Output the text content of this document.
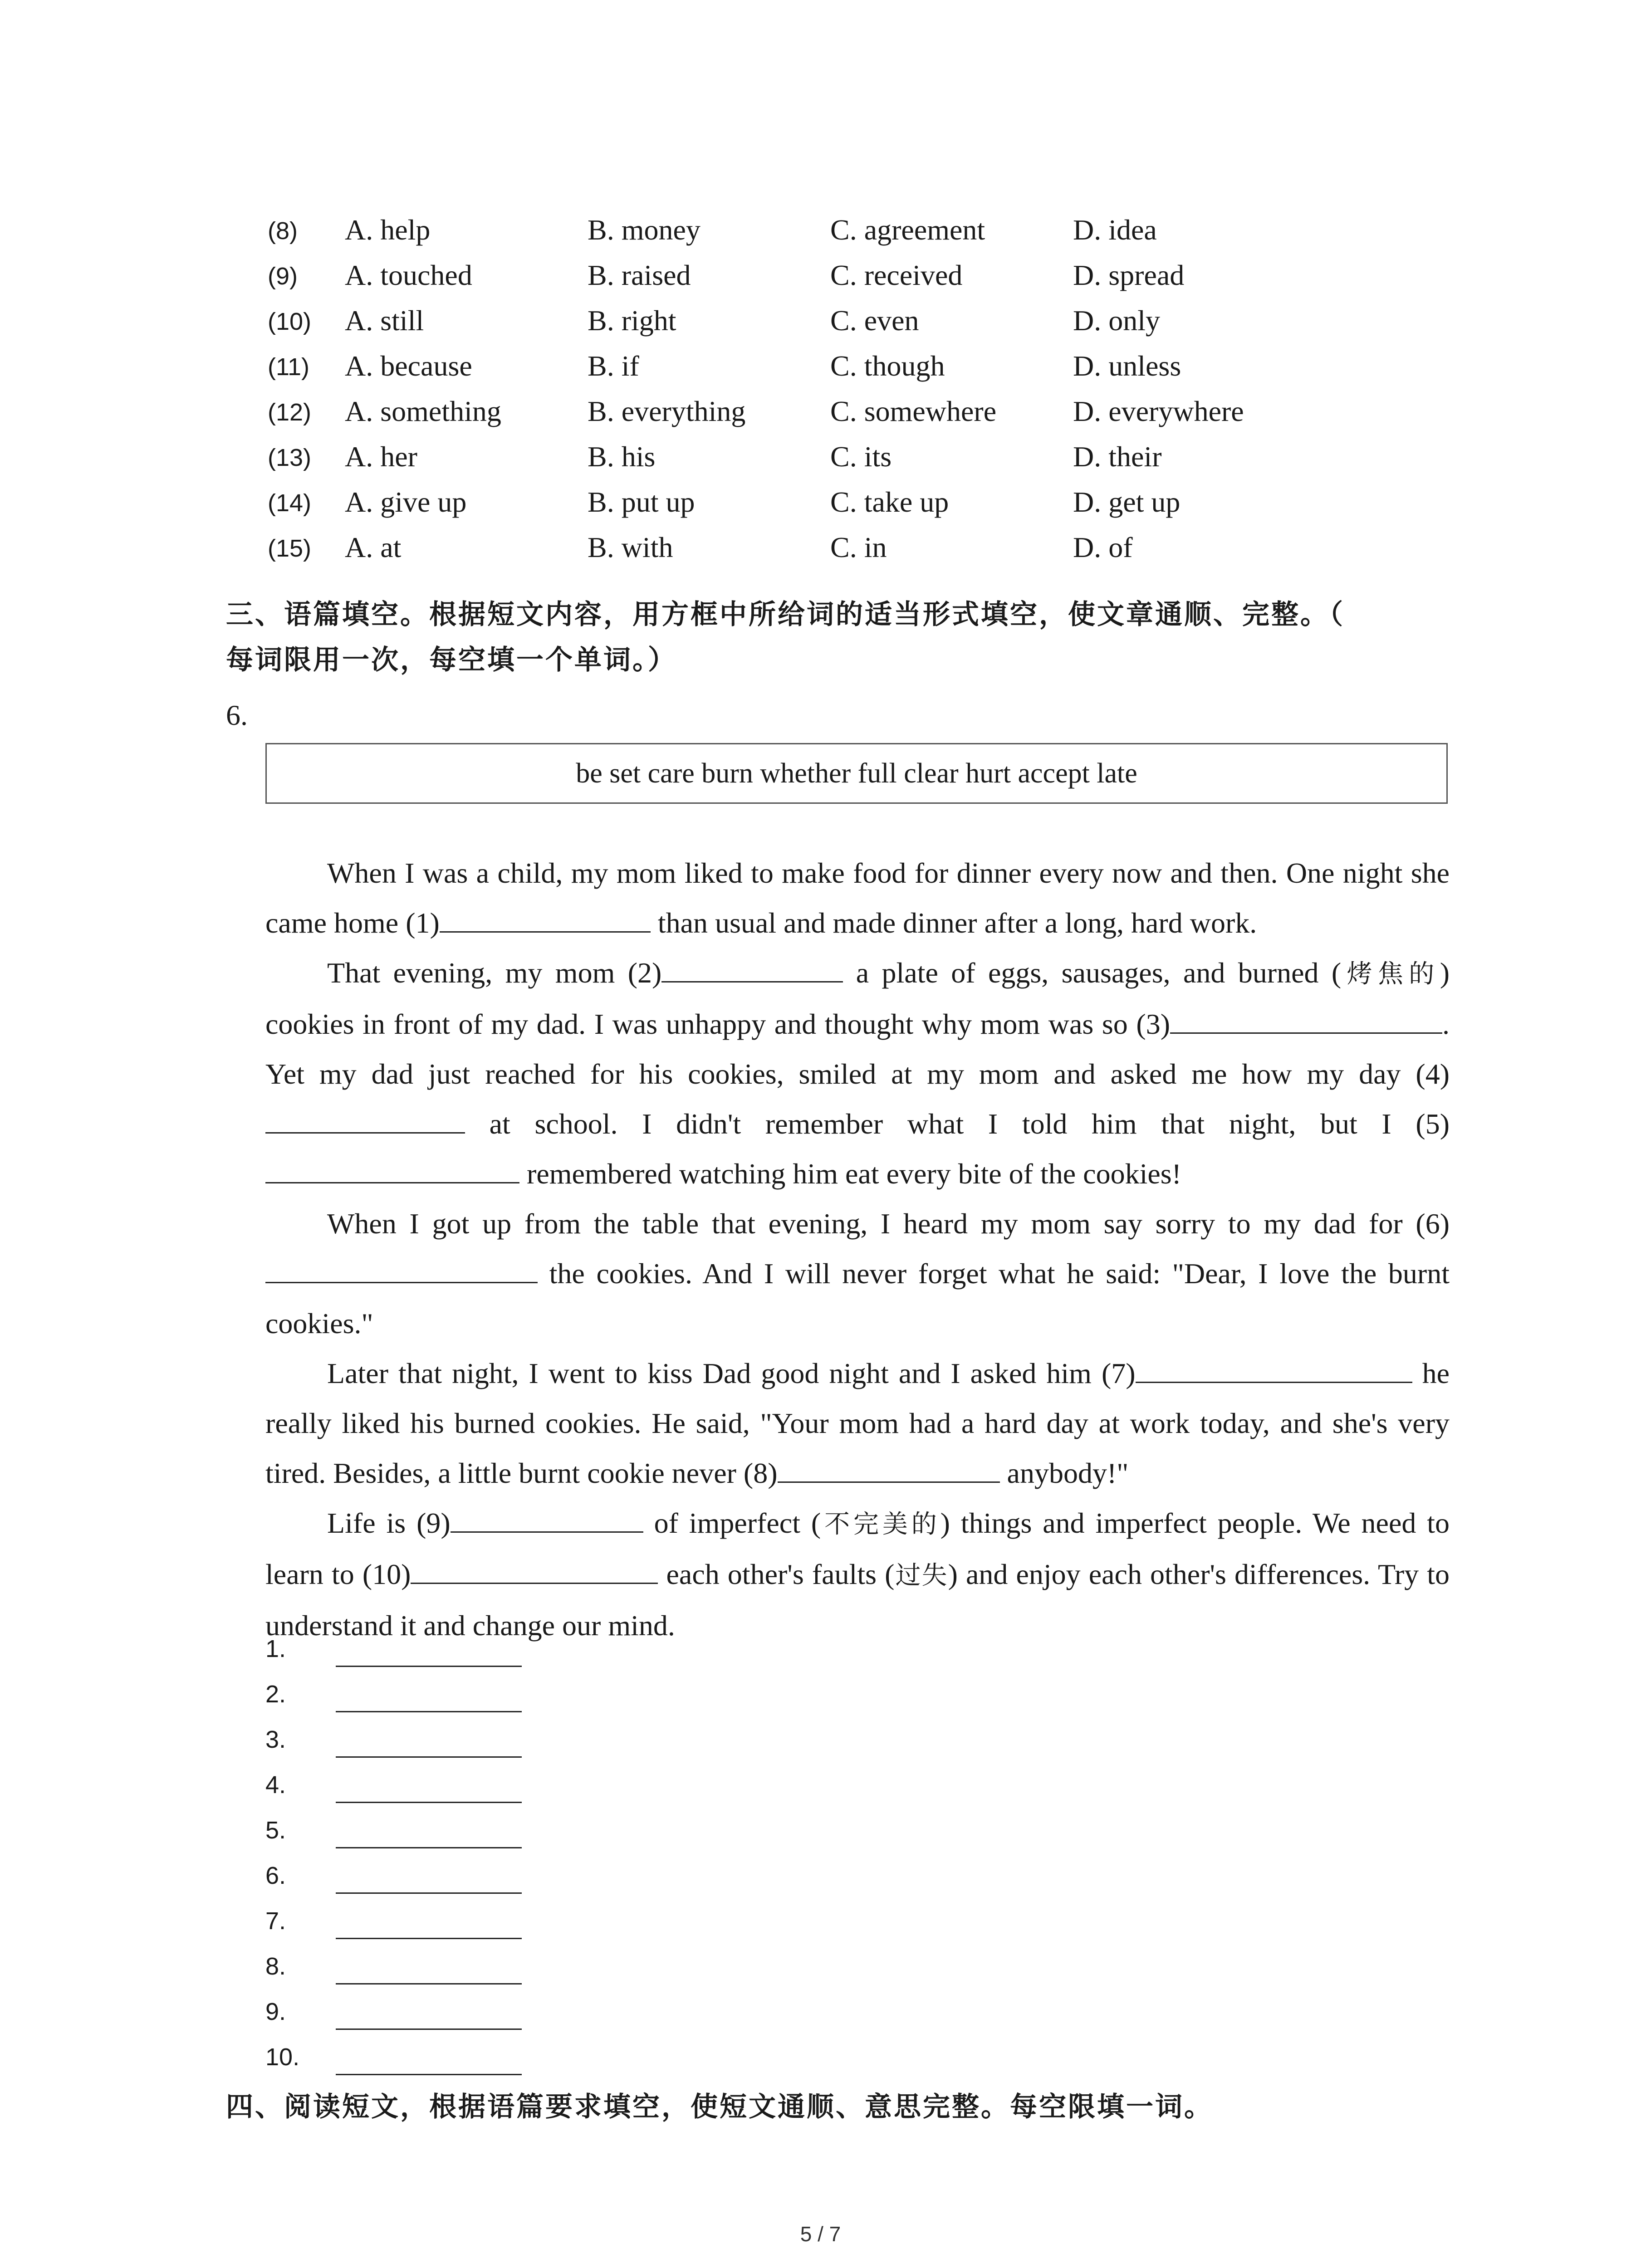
(8) A. help	B. money	C. agreement	D. idea
(9) A. touched	B. raised	C. received	D. spread
(10) A. still	B. right	C. even	D. only
(11) A. because	B. if	C. though	D. unless
(12) A. something	B. everything	C. somewhere	D. everywhere
(13) A. her	B. his	C. its	D. their
(14) A. give up	B. put up	C. take up	D. get up
(15) A. at	B. with	C. in	D. of
三、语篇填空。根据短文内容，用方框中所给词的适当形式填空，使文章通顺、完整。（
每词限用一次，每空填一个单词。）
6.
be set care burn whether full clear hurt accept late

When I was a child, my mom liked to make food for dinner every now and then. One night she came home (1)	than usual and made dinner after a long, hard work.

That evening, my mom (2)	a plate of eggs, sausages, and burned (烤焦的) cookies in front of my dad. I was unhappy and thought why mom was so (3)	. Yet my dad just reached for his cookies, smiled at my mom and asked me how my day (4) at school. I didn't remember what I told him that night, but I (5) remembered watching him eat every bite of the cookies!

When I got up from the table that evening, I heard my mom say sorry to my dad for (6) the cookies. And I will never forget what he said: "Dear, I love the burnt cookies."

Later that night, I went to kiss Dad good night and I asked him (7)	he really liked his burned cookies. He said, "Your mom had a hard day at work today, and she's very tired. Besides, a little burnt cookie never (8)	anybody!"

Life is (9)	of imperfect (不完美的) things and imperfect people. We need to learn to (10)	each other's faults (过失) and enjoy each other's differences. Try to understand it and change our mind.

1.
2.
3.
4.
5.
6.
7.
8.
9.
10.
四、阅读短文，根据语篇要求填空，使短文通顺、意思完整。每空限填一词。
5 / 7
